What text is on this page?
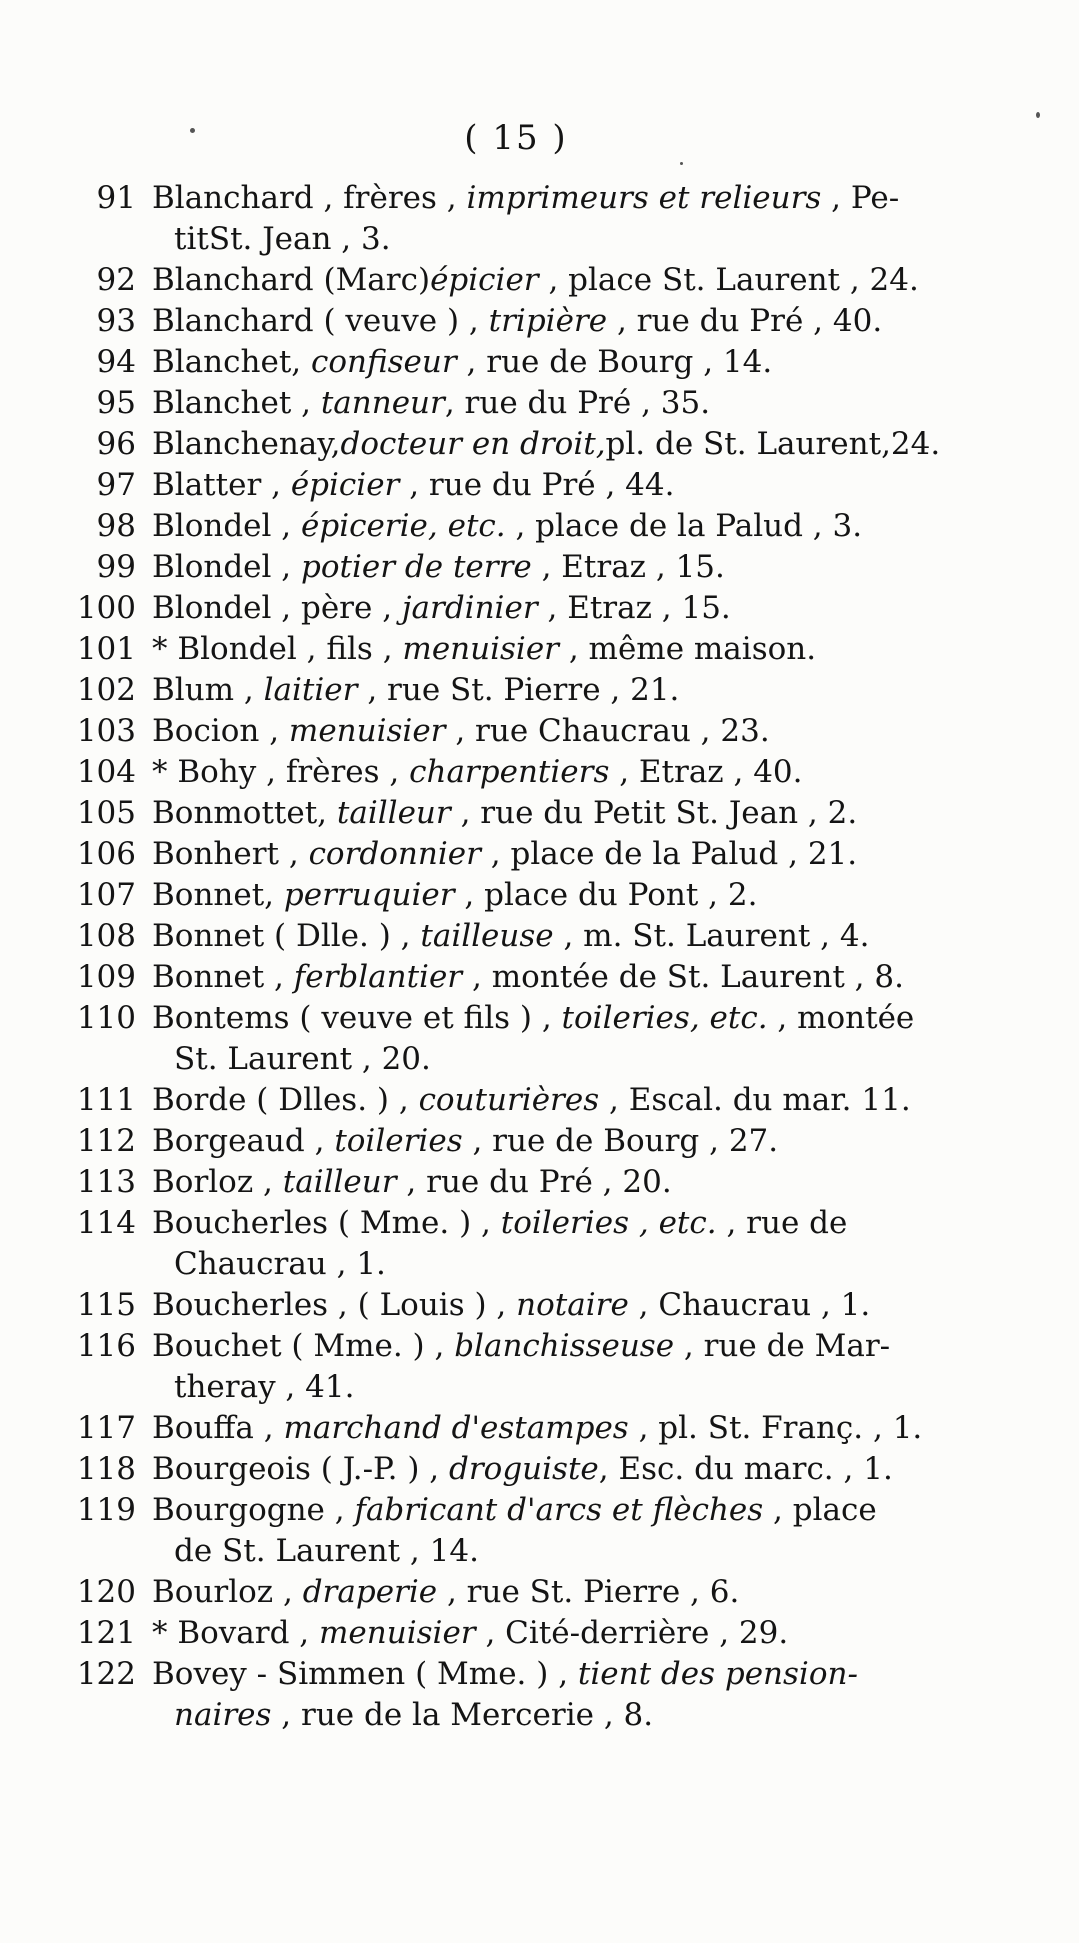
( 15 )
91 Blanchard , frères , imprimeurs et relieurs , Pe-
titSt. Jean , 3.
92 Blanchard (Marc)épicier , place St. Laurent , 24.
93 Blanchard ( veuve ) , tripière , rue du Pré , 40.
94 Blanchet, confiseur , rue de Bourg , 14.
95 Blanchet , tanneur, rue du Pré , 35.
96 Blanchenay,docteur en droit,pl. de St. Laurent,24.
97 Blatter , épicier , rue du Pré , 44.
98 Blondel , épicerie, etc. , place de la Palud , 3.
99 Blondel , potier de terre , Etraz , 15.
100 Blondel , père , jardinier , Etraz , 15.
101 * Blondel , fils , menuisier , même maison.
102 Blum , laitier , rue St. Pierre , 21.
103 Bocion , menuisier , rue Chaucrau , 23.
104 * Bohy , frères , charpentiers , Etraz , 40.
105 Bonmottet, tailleur , rue du Petit St. Jean , 2.
106 Bonhert , cordonnier , place de la Palud , 21.
107 Bonnet, perruquier , place du Pont , 2.
108 Bonnet ( Dlle. ) , tailleuse , m. St. Laurent , 4.
109 Bonnet , ferblantier , montée de St. Laurent , 8.
110 Bontems ( veuve et fils ) , toileries, etc. , montée
St. Laurent , 20.
111 Borde ( Dlles. ) , couturières , Escal. du mar. 11.
112 Borgeaud , toileries , rue de Bourg , 27.
113 Borloz , tailleur , rue du Pré , 20.
114 Boucherles ( Mme. ) , toileries , etc. , rue de
Chaucrau , 1.
115 Boucherles , ( Louis ) , notaire , Chaucrau , 1.
116 Bouchet ( Mme. ) , blanchisseuse , rue de Mar-
theray , 41.
117 Bouffa , marchand d'estampes , pl. St. Franç. , 1.
118 Bourgeois ( J.-P. ) , droguiste, Esc. du marc. , 1.
119 Bourgogne , fabricant d'arcs et flèches , place
de St. Laurent , 14.
120 Bourloz , draperie , rue St. Pierre , 6.
121 * Bovard , menuisier , Cité-derrière , 29.
122 Bovey - Simmen ( Mme. ) , tient des pension-
naires , rue de la Mercerie , 8.
